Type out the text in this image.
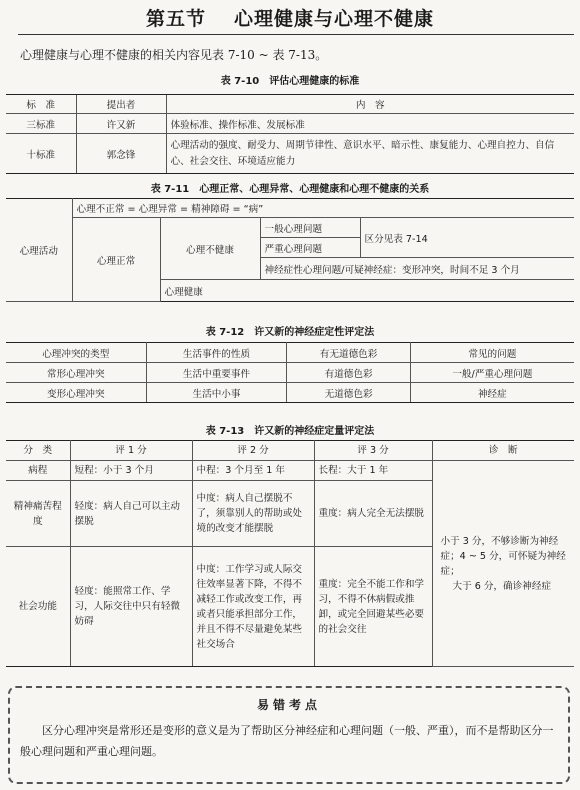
第五节 心理健康与心理不健康
心理健康与心理不健康的相关内容见表 7-10 ~ 表 7-13。
表 7-10　评估心理健康的标准
标　准	提出者	内　容
三标准	许又新	体验标准、操作标准、发展标准
十标准	郭念锋	心理活动的强度、耐受力、周期节律性、意识水平、暗示性、康复能力、心理自控力、自信心、社会交往、环境适应能力
表 7-11　心理正常、心理异常、心理健康和心理不健康的关系
心理活动	心理不正常 = 心理异常 = 精神障碍 = “病”			
	心理正常	心理不健康	一般心理问题	区分见表 7-14
			严重心理问题	
			神经症性心理问题/可疑神经症：变形冲突，时间不足 3 个月	
		心理健康		
表 7-12　许又新的神经症定性评定法
心理冲突的类型	生活事件的性质	有无道德色彩	常见的问题
常形心理冲突	生活中重要事件	有道德色彩	一般/严重心理问题
变形心理冲突	生活中小事	无道德色彩	神经症
表 7-13　许又新的神经症定量评定法
分　类	评 1 分	评 2 分	评 3 分	诊　断
病程	短程：小于 3 个月	中程：3 个月至 1 年	长程：大于 1 年	小于 3 分，不够诊断为神经症；4 ~ 5 分，可怀疑为神经症；
大于 6 分，确诊神经症

精神痛苦程度	轻度：病人自己可以主动摆脱	中度：病人自己摆脱不了，须靠别人的帮助或处境的改变才能摆脱	重度：病人完全无法摆脱	
社会功能	轻度：能照常工作、学习，人际交往中只有轻微妨碍	中度：工作学习或人际交往效率显著下降，不得不减轻工作或改变工作，再或者只能承担部分工作，并且不得不尽量避免某些社交场合	重度：完全不能工作和学习，不得不休病假或推卸，或完全回避某些必要的社会交往	
易错考点
区分心理冲突是常形还是变形的意义是为了帮助区分神经症和心理问题（一般、严重），而不是帮助区分一般心理问题和严重心理问题。
